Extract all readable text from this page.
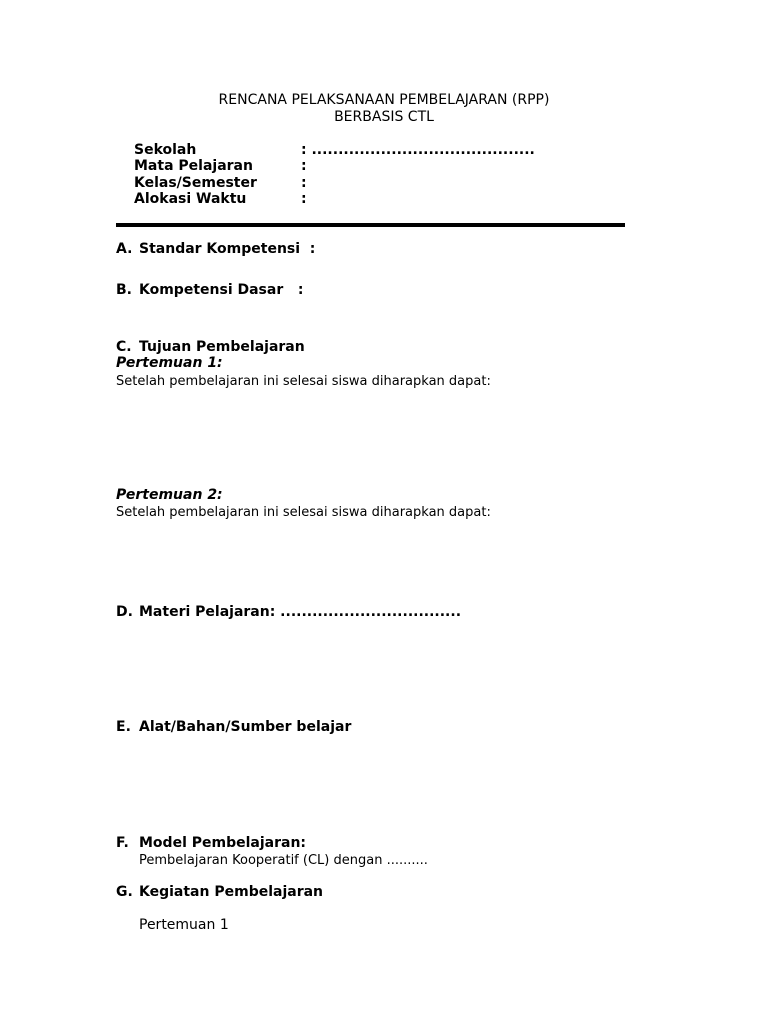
RENCANA PELAKSANAAN PEMBELAJARAN (RPP)
BERBASIS CTL
Sekolah	: ..........................................
Mata Pelajaran	:
Kelas/Semester	:
Alokasi Waktu	:
A. Standar Kompetensi  :
B. Kompetensi Dasar   :
C. Tujuan Pembelajaran
Pertemuan 1:
Setelah pembelajaran ini selesai siswa diharapkan dapat:
Pertemuan 2:
Setelah pembelajaran ini selesai siswa diharapkan dapat:
D. Materi Pelajaran: ..................................
E. Alat/Bahan/Sumber belajar
F. Model Pembelajaran:
Pembelajaran Kooperatif (CL) dengan ..........
G. Kegiatan Pembelajaran
Pertemuan 1
